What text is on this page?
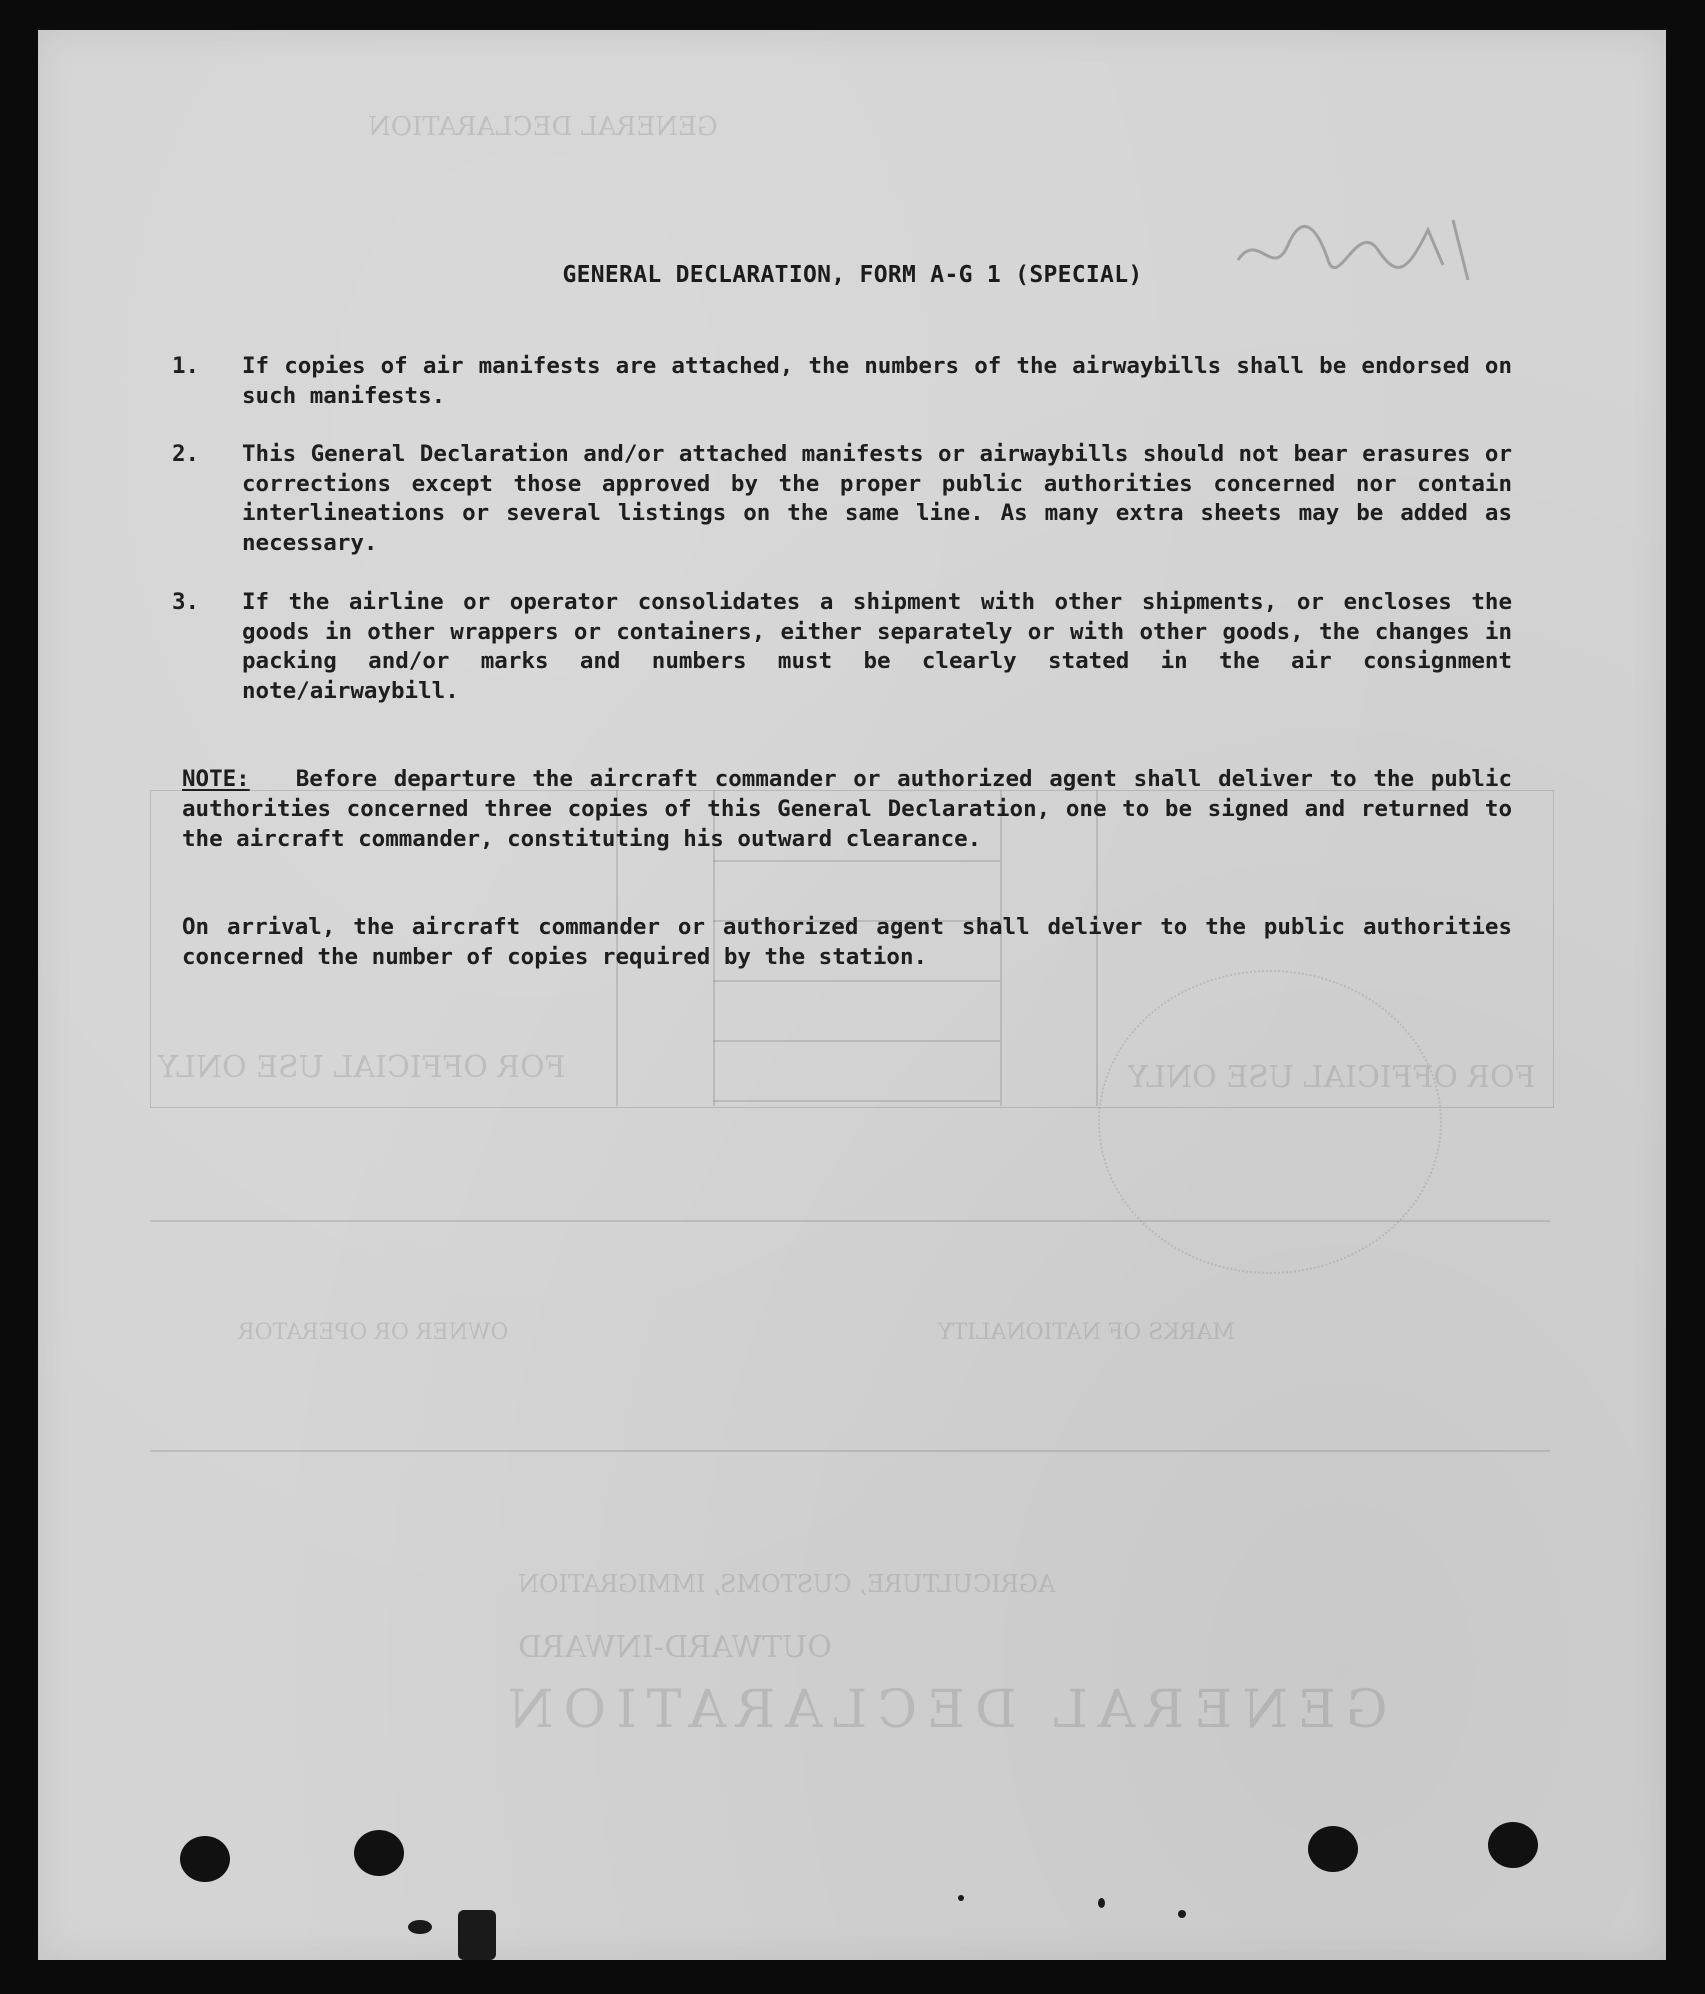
GENERAL DECLARATION
GENERAL DECLARATION
OUTWARD-INWARD
AGRICULTURE, CUSTOMS, IMMIGRATION
OWNER OR OPERATOR	MARKS OF NATIONALITY
FOR OFFICIAL USE ONLY	FOR OFFICIAL USE ONLY
GENERAL DECLARATION, FORM A-G 1 (SPECIAL)
1.	If copies of air manifests are attached, the numbers of the airwaybills shall be endorsed on such manifests.
2.	This General Declaration and/or attached manifests or airwaybills should not bear erasures or corrections except those approved by the proper public authorities concerned nor contain interlineations or several listings on the same line. As many extra sheets may be added as necessary.
3.	If the airline or operator consolidates a shipment with other shipments, or encloses the goods in other wrappers or containers, either separately or with other goods, the changes in packing and/or marks and numbers must be clearly stated in the air consignment note/airwaybill.
NOTE: Before departure the aircraft commander or authorized agent shall deliver to the public authorities concerned three copies of this General Declaration, one to be signed and returned to the aircraft commander, constituting his outward clearance.
On arrival, the aircraft commander or authorized agent shall deliver to the public authorities concerned the number of copies required by the station.
